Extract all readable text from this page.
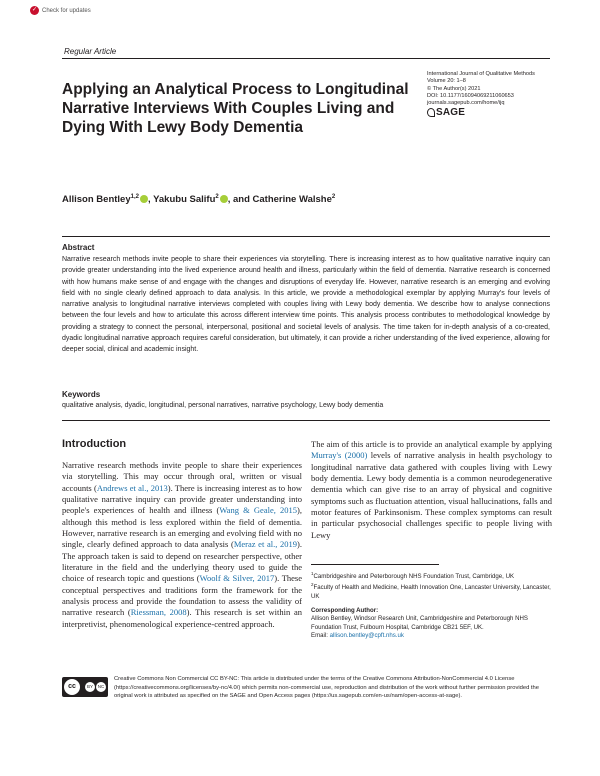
✓ Check for updates
Regular Article
Applying an Analytical Process to Longitudinal Narrative Interviews With Couples Living and Dying With Lewy Body Dementia
International Journal of Qualitative Methods
Volume 20: 1–8
© The Author(s) 2021
DOI: 10.1177/16094069211060653
journals.sagepub.com/home/ijq
SAGE
Allison Bentley$^{1,2}$ , Yakubu Salifu$^2$ , and Catherine Walshe$^2$
Abstract

Narrative research methods invite people to share their experiences via storytelling. There is increasing interest as to how qualitative narrative inquiry can provide greater understanding into the lived experience around health and illness, particularly within the field of dementia. Narrative research is concerned with how humans make sense of and engage with the changes and disruptions of everyday life. However, narrative research is an emerging and evolving field with no single clearly defined approach to data analysis. In this article, we provide a methodological exemplar by applying Murray's four levels of narrative analysis to longitudinal narrative interviews completed with couples living with Lewy body dementia. We describe how to analyse connections between the four levels and how to articulate this across different interview time points. This analysis process contributes to methodological knowledge by providing a strategy to connect the personal, interpersonal, positional and societal levels of analysis. The time taken for in-depth analysis of a co-created, dyadic longitudinal narrative approach requires careful consideration, but ultimately, it can provide a richer understanding of the lived experience, allowing for deeper social, clinical and academic insight.

Keywords

qualitative analysis, dyadic, longitudinal, personal narratives, narrative psychology, Lewy body dementia

Introduction

Narrative research methods invite people to share their experiences via storytelling. This may occur through oral, written or visual accounts (Andrews et al., 2013). There is increasing interest as to how qualitative narrative inquiry can provide greater understanding into people's experiences of health and illness (Wang & Geale, 2015), although this method is less explored within the field of dementia. However, narrative research is an emerging and evolving field with no single, clearly defined approach to data analysis (Meraz et al., 2019). The approach taken is said to depend on researcher perspective, other literature in the field and the underlying theory used to guide the choice of research topic and questions (Woolf & Silver, 2017). These conceptual perspectives and traditions form the framework for the analysis process and provide the foundation to assess the validity of narrative research (Riessman, 2008). This research is set within an interpretivist, phenomenological experience-centred approach.

The aim of this article is to provide an analytical example by applying Murray's (2000) levels of narrative analysis in health psychology to longitudinal narrative data gathered with couples living with Lewy body dementia. Lewy body dementia is a common neurodegenerative dementia which can give rise to an array of physical and cognitive symptoms such as fluctuation attention, visual hallucinations, falls and motor features of Parkinsonism. These complex symptoms can result in particular psychosocial challenges specific to people living with Lewy

$^1$Cambridgeshire and Peterborough NHS Foundation Trust, Cambridge, UK
$^2$Faculty of Health and Medicine, Health Innovation One, Lancaster University, Lancaster, UK
Corresponding Author:
Allison Bentley, Windsor Research Unit, Cambridgeshire and Peterborough NHS Foundation Trust, Fulbourn Hospital, Cambridge CB21 5EF, UK.
Email: allison.bentley@cpft.nhs.uk
cc	BY	NC

Creative Commons Non Commercial CC BY-NC: This article is distributed under the terms of the Creative Commons Attribution-NonCommercial 4.0 License (https://creativecommons.org/licenses/by-nc/4.0/) which permits non-commercial use, reproduction and distribution of the work without further permission provided the original work is attributed as specified on the SAGE and Open Access pages (https://us.sagepub.com/en-us/nam/open-access-at-sage).
